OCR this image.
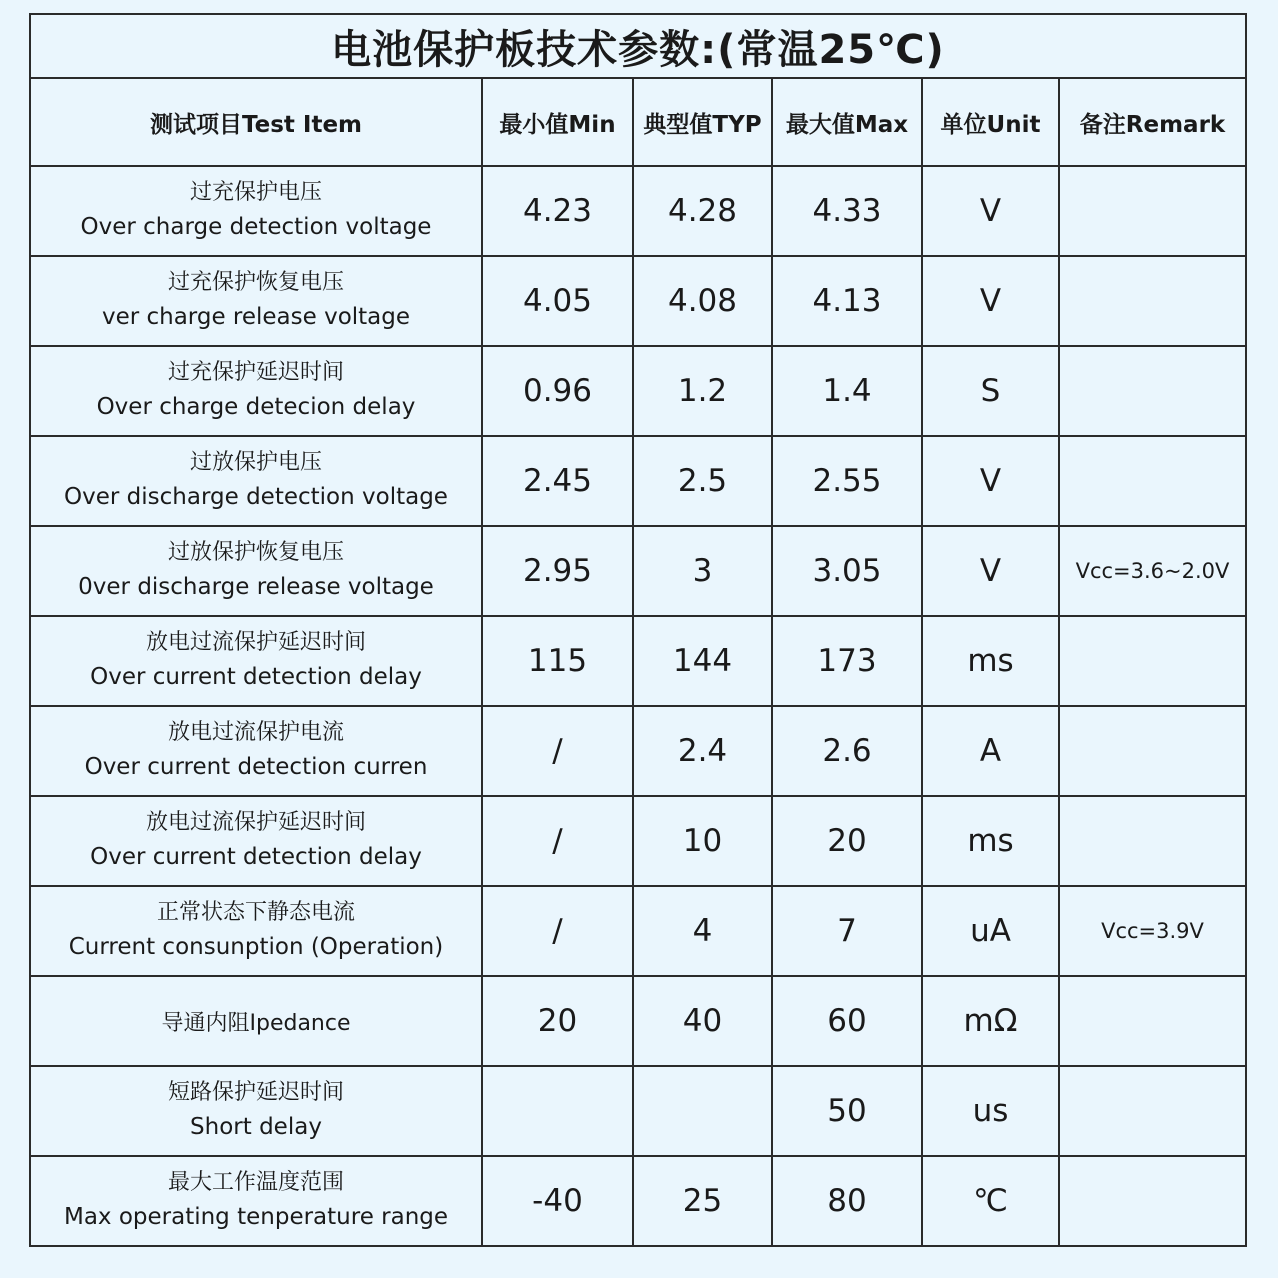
电池保护板技术参数:(常温25℃)					
测试项目Test Item	最小值Min	典型值TYP	最大值Max	单位Unit	备注Remark

过充保护电压
Over charge detection voltage	4.23	4.28	4.33	V	

过充保护恢复电压
ver charge release voltage	4.05	4.08	4.13	V	

过充保护延迟时间
Over charge detecion delay	0.96	1.2	1.4	S	

过放保护电压
Over discharge detection voltage	2.45	2.5	2.55	V	

过放保护恢复电压
0ver discharge release voltage	2.95	3	3.05	V	Vcc=3.6~2.0V

放电过流保护延迟时间
Over current detection delay	115	144	173	ms	

放电过流保护电流
Over current detection curren	/	2.4	2.6	A	

放电过流保护延迟时间
Over current detection delay	/	10	20	ms	

正常状态下静态电流
Current consunption (Operation)	/	4	7	uA	Vcc=3.9V
导通内阻Ipedance	20	40	60	mΩ	

短路保护延迟时间
Short delay			50	us	

最大工作温度范围
Max operating tenperature range	-40	25	80	℃	
